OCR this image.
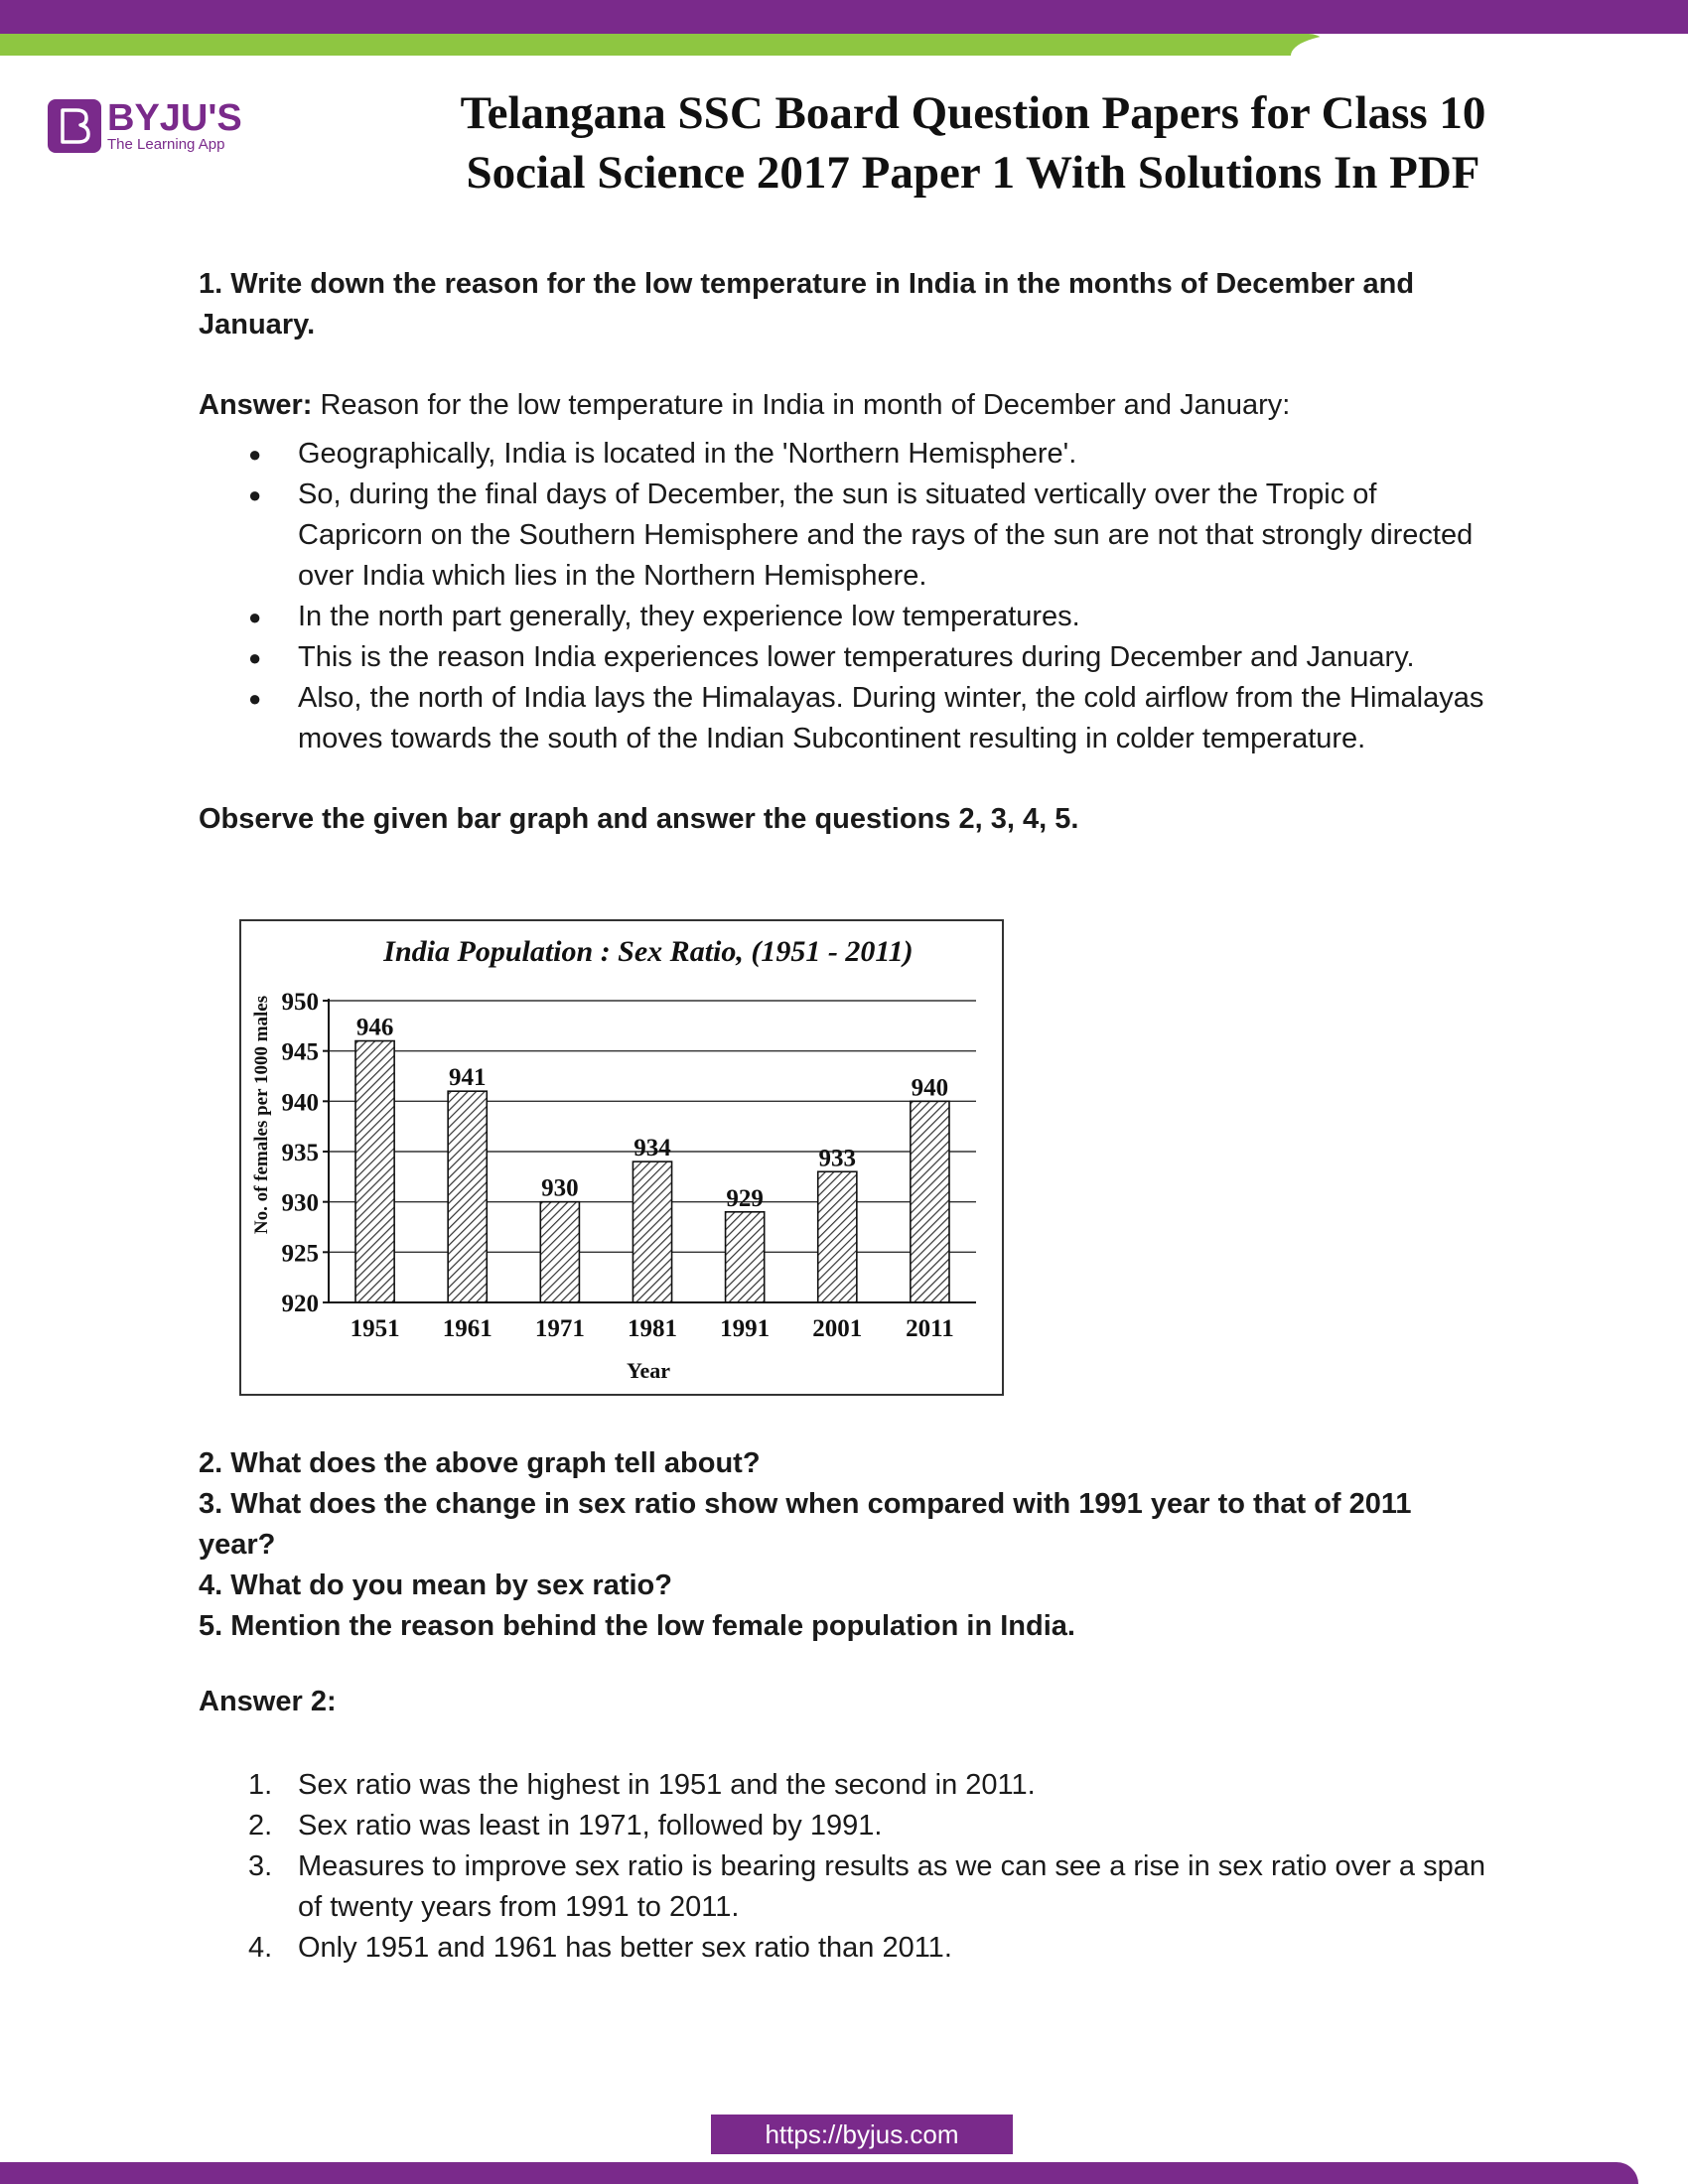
BYJU'S
The Learning App
Telangana SSC Board Question Papers for Class 10
Social Science 2017 Paper 1 With Solutions In PDF

1. Write down the reason for the low temperature in India in the months of December and January.

Answer: Reason for the low temperature in India in month of December and January:

● Geographically, India is located in the 'Northern Hemisphere'.
● So, during the final days of December, the sun is situated vertically over the Tropic of Capricorn on the Southern Hemisphere and the rays of the sun are not that strongly directed over India which lies in the Northern Hemisphere.
● In the north part generally, they experience low temperatures.
● This is the reason India experiences lower temperatures during December and January.
● Also, the north of India lays the Himalayas. During winter, the cold airflow from the Himalayas moves towards the south of the Indian Subcontinent resulting in colder temperature.

Observe the given bar graph and answer the questions 2, 3, 4, 5.

India Population : Sex Ratio, (1951 - 2011)
No. of females per 1000 males
Year
920
925
930
935
940
945
950
946
941
930
934
929
933
940
1951 1961 1971 1981 1991 2001 2011

2. What does the above graph tell about?

3. What does the change in sex ratio show when compared with 1991 year to that of 2011 year?

4. What do you mean by sex ratio?

5. Mention the reason behind the low female population in India.

Answer 2:

1. Sex ratio was the highest in 1951 and the second in 2011.
2. Sex ratio was least in 1971, followed by 1991.
3. Measures to improve sex ratio is bearing results as we can see a rise in sex ratio over a span of twenty years from 1991 to 2011.
4. Only 1951 and 1961 has better sex ratio than 2011.
https://byjus.com
